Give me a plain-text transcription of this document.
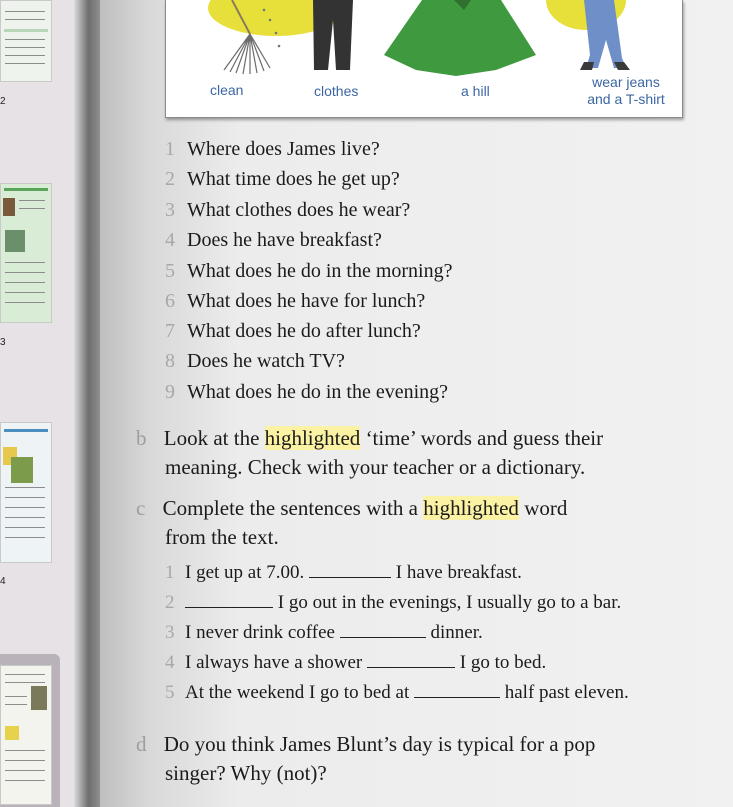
2
3
4
clean	clothes	a hill
wear jeans
and a T-shirt
1 Where does James live?
2 What time does he get up?
3 What clothes does he wear?
4 Does he have breakfast?
5 What does he do in the morning?
6 What does he have for lunch?
7 What does he do after lunch?
8 Does he watch TV?
9 What does he do in the evening?
b Look at the highlighted ‘time’ words and guess their
meaning. Check with your teacher or a dictionary.
c Complete the sentences with a highlighted word
from the text.
1 I get up at 7.00.	I have breakfast.
2	I go out in the evenings, I usually go to a bar.
3 I never drink coffee	dinner.
4 I always have a shower	I go to bed.
5 At the weekend I go to bed at	half past eleven.
d Do you think James Blunt’s day is typical for a pop
singer? Why (not)?
